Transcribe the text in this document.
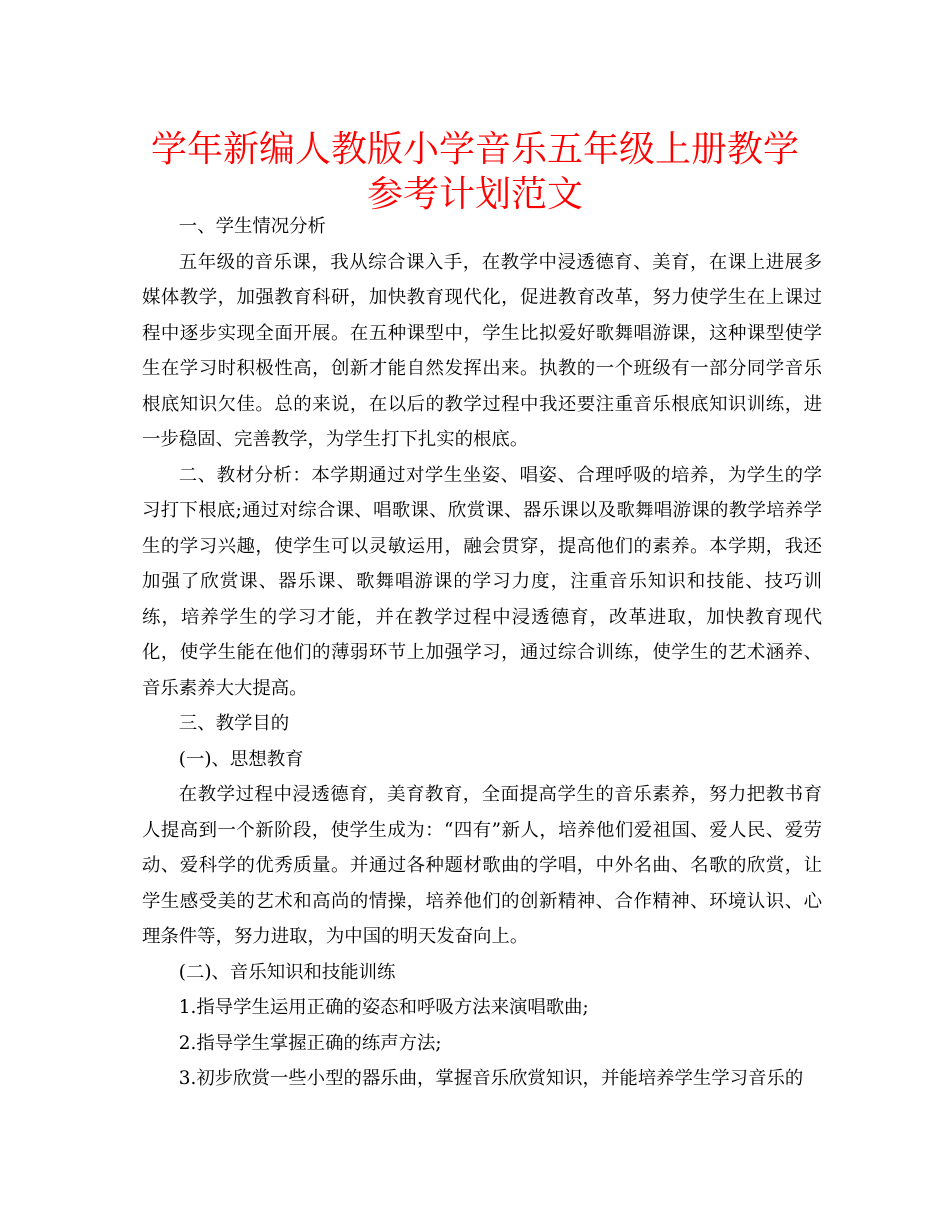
学年新编人教版小学音乐五年级上册教学
参考计划范文

一、学生情况分析

五年级的音乐课，我从综合课入手，在教学中浸透德育、美育，在课上进展多媒体教学，加强教育科研，加快教育现代化，促进教育改革，努力使学生在上课过程中逐步实现全面开展。在五种课型中，学生比拟爱好歌舞唱游课，这种课型使学生在学习时积极性高，创新才能自然发挥出来。执教的一个班级有一部分同学音乐根底知识欠佳。总的来说，在以后的教学过程中我还要注重音乐根底知识训练，进一步稳固、完善教学，为学生打下扎实的根底。

二、教材分析：本学期通过对学生坐姿、唱姿、合理呼吸的培养，为学生的学习打下根底;通过对综合课、唱歌课、欣赏课、器乐课以及歌舞唱游课的教学培养学生的学习兴趣，使学生可以灵敏运用，融会贯穿，提高他们的素养。本学期，我还加强了欣赏课、器乐课、歌舞唱游课的学习力度，注重音乐知识和技能、技巧训练，培养学生的学习才能，并在教学过程中浸透德育，改革进取，加快教育现代化，使学生能在他们的薄弱环节上加强学习，通过综合训练，使学生的艺术涵养、音乐素养大大提高。

三、教学目的

(一)、思想教育

在教学过程中浸透德育，美育教育，全面提高学生的音乐素养，努力把教书育人提高到一个新阶段，使学生成为：“四有”新人，培养他们爱祖国、爱人民、爱劳动、爱科学的优秀质量。并通过各种题材歌曲的学唱，中外名曲、名歌的欣赏，让学生感受美的艺术和高尚的情操，培养他们的创新精神、合作精神、环境认识、心理条件等，努力进取，为中国的明天发奋向上。

(二)、音乐知识和技能训练

1.指导学生运用正确的姿态和呼吸方法来演唱歌曲;

2.指导学生掌握正确的练声方法;

3.初步欣赏一些小型的器乐曲，掌握音乐欣赏知识，并能培养学生学习音乐的
